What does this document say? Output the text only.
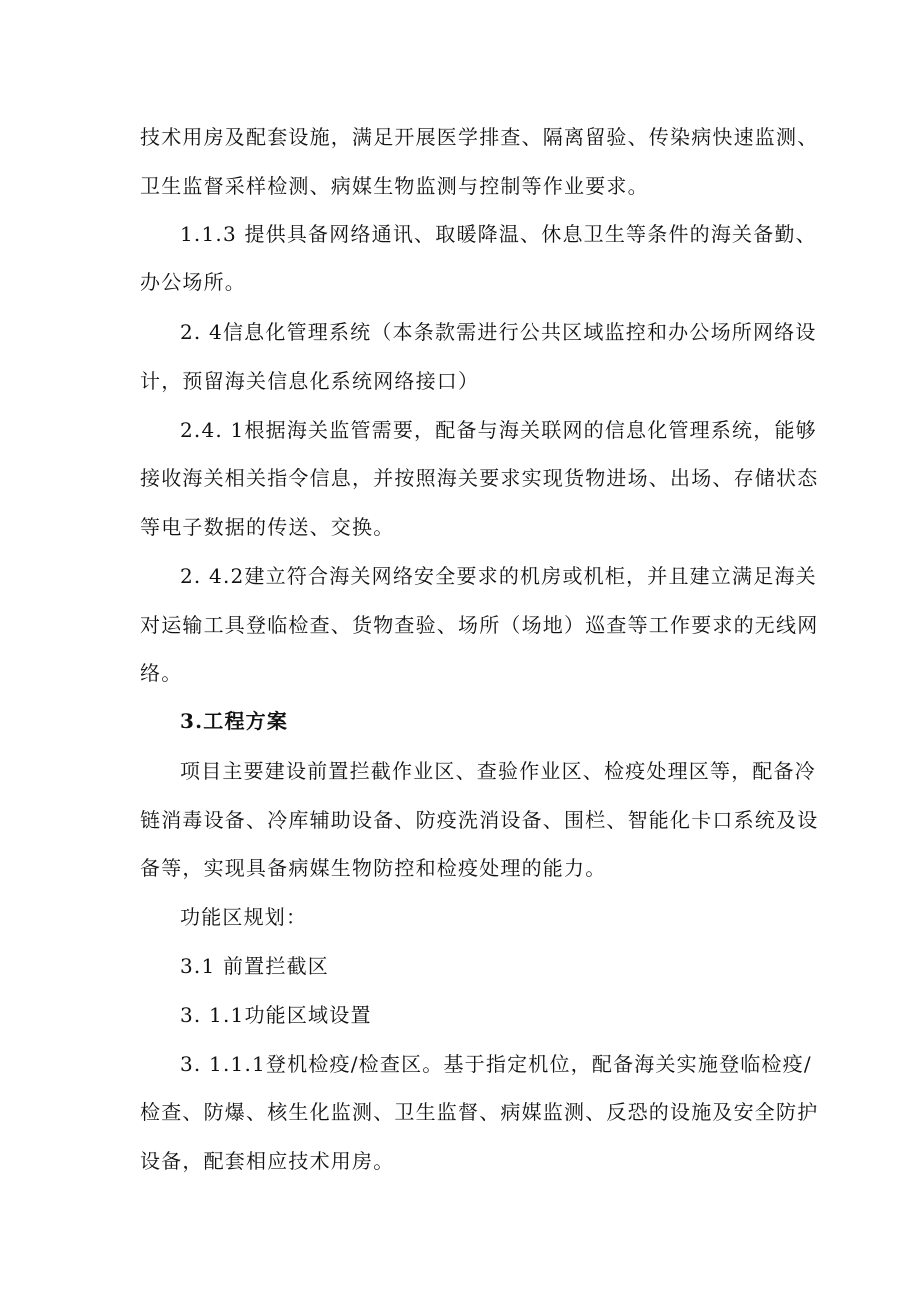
技术用房及配套设施，满足开展医学排查、隔离留验、传染病快速监测、
卫生监督采样检测、病媒生物监测与控制等作业要求。
1.1.3 提供具备网络通讯、取暖降温、休息卫生等条件的海关备勤、
办公场所。
2. 4信息化管理系统（本条款需进行公共区域监控和办公场所网络设
计，预留海关信息化系统网络接口）
2.4. 1根据海关监管需要，配备与海关联网的信息化管理系统，能够
接收海关相关指令信息，并按照海关要求实现货物进场、出场、存储状态
等电子数据的传送、交换。
2. 4.2建立符合海关网络安全要求的机房或机柜，并且建立满足海关
对运输工具登临检查、货物查验、场所（场地）巡查等工作要求的无线网
络。
3.工程方案
项目主要建设前置拦截作业区、查验作业区、检疫处理区等，配备冷
链消毒设备、冷库辅助设备、防疫洗消设备、围栏、智能化卡口系统及设
备等，实现具备病媒生物防控和检疫处理的能力。
功能区规划：
3.1 前置拦截区
3. 1.1功能区域设置
3. 1.1.1登机检疫/检查区。基于指定机位，配备海关实施登临检疫/
检查、防爆、核生化监测、卫生监督、病媒监测、反恐的设施及安全防护
设备，配套相应技术用房。
